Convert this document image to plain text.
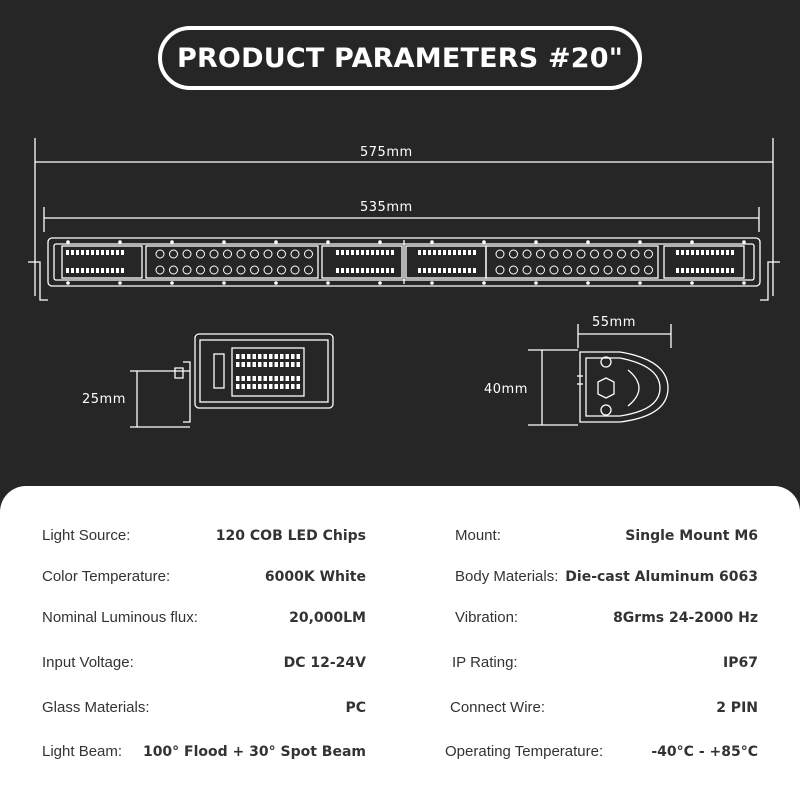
PRODUCT PARAMETERS #20"
575mm
535mm
25mm
55mm
40mm
Light Source:	120 COB LED Chips	Mount:	Single Mount M6
Color Temperature:	6000K White	Body Materials: Die-cast Aluminum 6063
Nominal Luminous flux:	20,000LM	Vibration:	8Grms 24-2000 Hz
Input Voltage:	DC 12-24V	IP Rating:	IP67
Glass Materials:	PC	Connect Wire:	2 PIN
Light Beam: 100° Flood + 30° Spot Beam	Operating Temperature:	-40°C - +85°C
